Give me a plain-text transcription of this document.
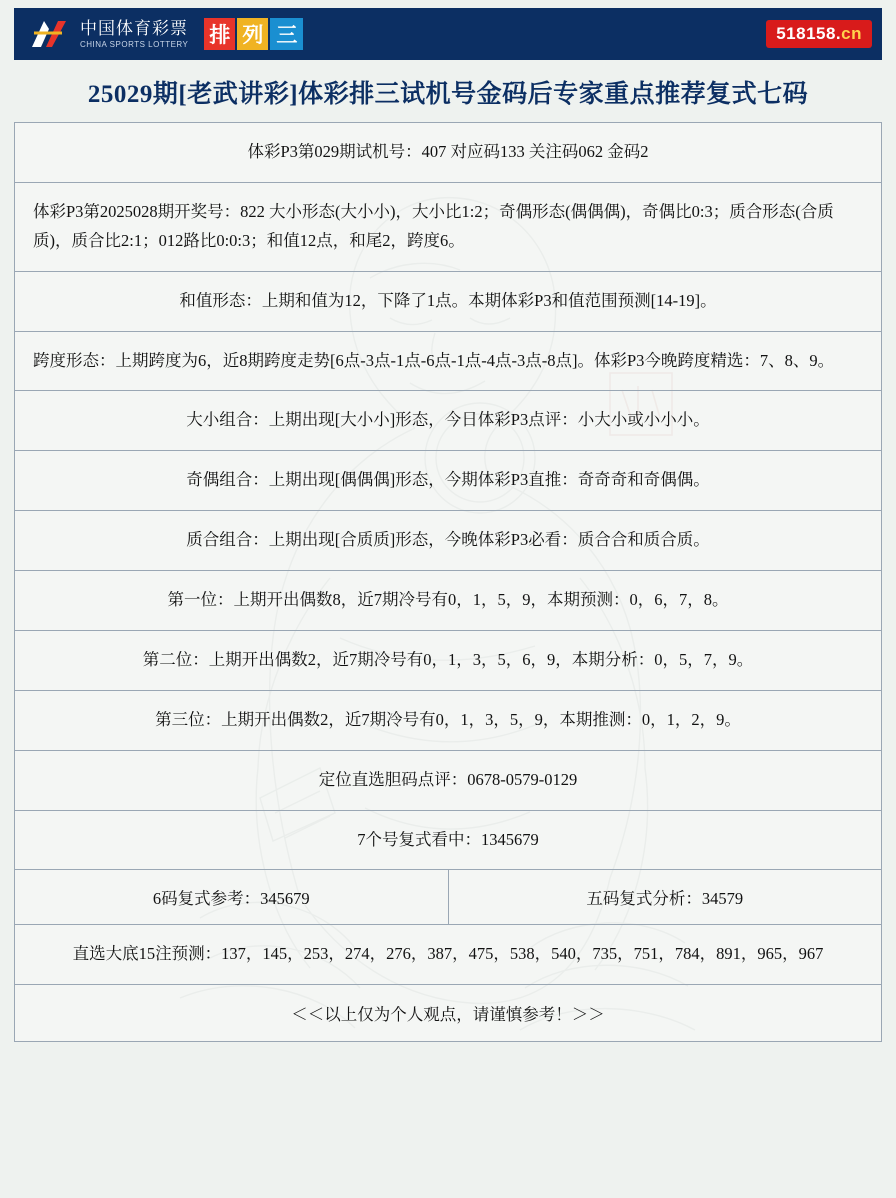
中国体育彩票
CHINA SPORTS LOTTERY 排 列 三	518158.cn
25029期[老武讲彩]体彩排三试机号金码后专家重点推荐复式七码
体彩P3第029期试机号：407 对应码133 关注码062 金码2
体彩P3第2025028期开奖号：822 大小形态(大小小)，大小比1:2；奇偶形态(偶偶偶)，奇偶比0:3；质合形态(合质质)，质合比2:1；012路比0:0:3；和值12点，和尾2，跨度6。
和值形态：上期和值为12，下降了1点。本期体彩P3和值范围预测[14-19]。
跨度形态：上期跨度为6，近8期跨度走势[6点-3点-1点-6点-1点-4点-3点-8点]。体彩P3今晚跨度精选：7、8、9。
大小组合：上期出现[大小小]形态，今日体彩P3点评：小大小或小小小。
奇偶组合：上期出现[偶偶偶]形态，今期体彩P3直推：奇奇奇和奇偶偶。
质合组合：上期出现[合质质]形态，今晚体彩P3必看：质合合和质合质。
第一位：上期开出偶数8，近7期冷号有0，1，5，9，本期预测：0，6，7，8。
第二位：上期开出偶数2，近7期冷号有0，1，3，5，6，9，本期分析：0，5，7，9。
第三位：上期开出偶数2，近7期冷号有0，1，3，5，9，本期推测：0，1，2，9。
定位直选胆码点评：0678-0579-0129
7个号复式看中：1345679
6码复式参考：345679	五码复式分析：34579
直选大底15注预测：137，145，253，274，276，387，475，538，540，735，751，784，891，965，967
＜＜以上仅为个人观点，请谨慎参考！＞＞
